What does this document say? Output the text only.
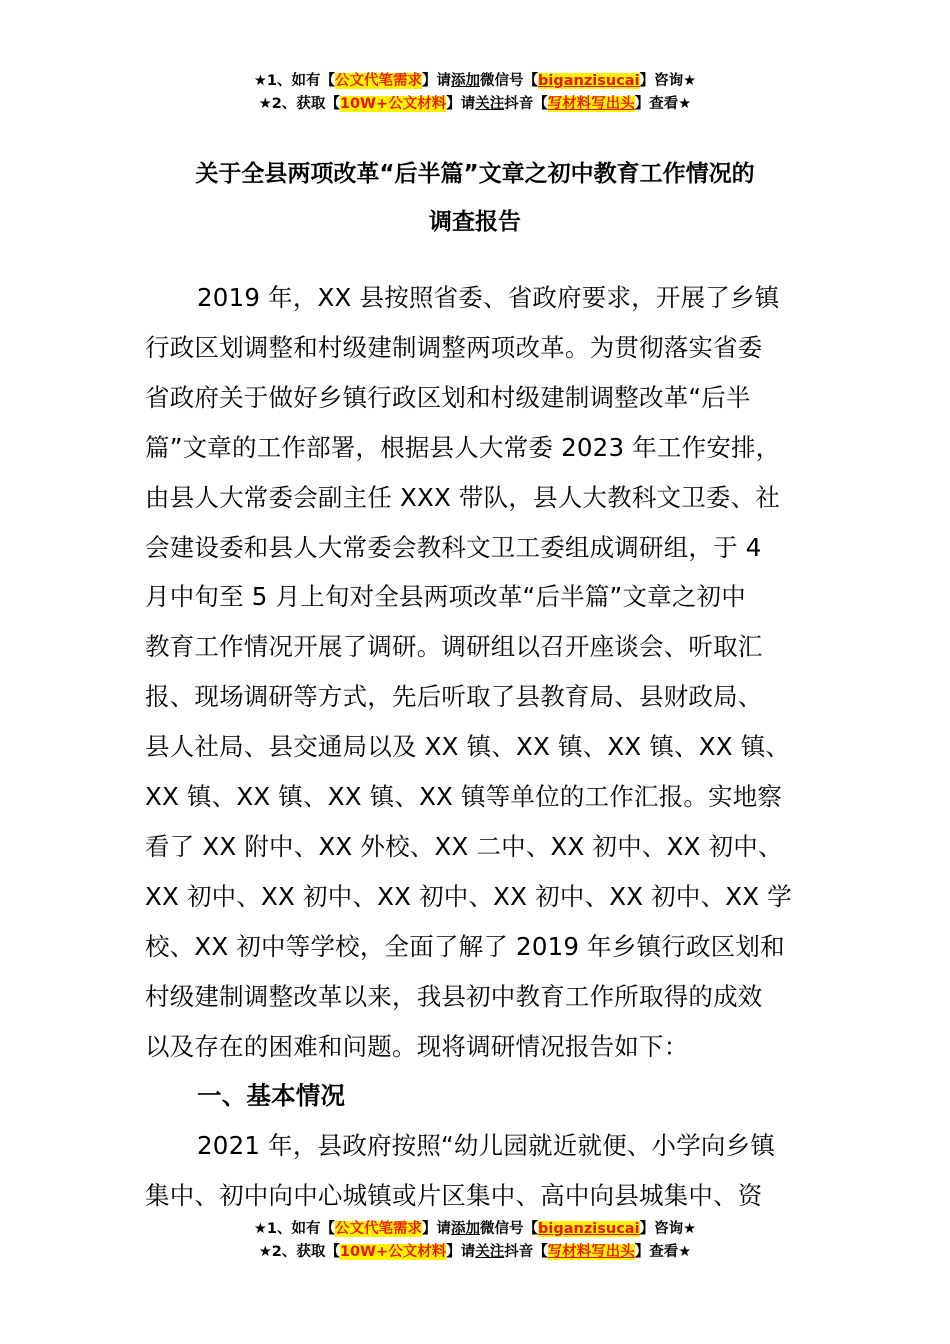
★1、如有【公文代笔需求】请添加微信号【biganzisucai】咨询★
★2、获取【10W+公文材料】请关注抖音【写材料写出头】查看★
关于全县两项改革“后半篇”文章之初中教育工作情况的
调查报告
2019 年，XX 县按照省委、省政府要求，开展了乡镇
行政区划调整和村级建制调整两项改革。为贯彻落实省委
省政府关于做好乡镇行政区划和村级建制调整改革“后半
篇”文章的工作部署，根据县人大常委 2023 年工作安排，
由县人大常委会副主任 XXX 带队，县人大教科文卫委、社
会建设委和县人大常委会教科文卫工委组成调研组，于 4
月中旬至 5 月上旬对全县两项改革“后半篇”文章之初中
教育工作情况开展了调研。调研组以召开座谈会、听取汇
报、现场调研等方式，先后听取了县教育局、县财政局、
县人社局、县交通局以及 XX 镇、XX 镇、XX 镇、XX 镇、
XX 镇、XX 镇、XX 镇、XX 镇等单位的工作汇报。实地察
看了 XX 附中、XX 外校、XX 二中、XX 初中、XX 初中、
XX 初中、XX 初中、XX 初中、XX 初中、XX 初中、XX 学
校、XX 初中等学校，全面了解了 2019 年乡镇行政区划和
村级建制调整改革以来，我县初中教育工作所取得的成效
以及存在的困难和问题。现将调研情况报告如下：
一、基本情况
2021 年，县政府按照“幼儿园就近就便、小学向乡镇
集中、初中向中心城镇或片区集中、高中向县城集中、资
★1、如有【公文代笔需求】请添加微信号【biganzisucai】咨询★
★2、获取【10W+公文材料】请关注抖音【写材料写出头】查看★
